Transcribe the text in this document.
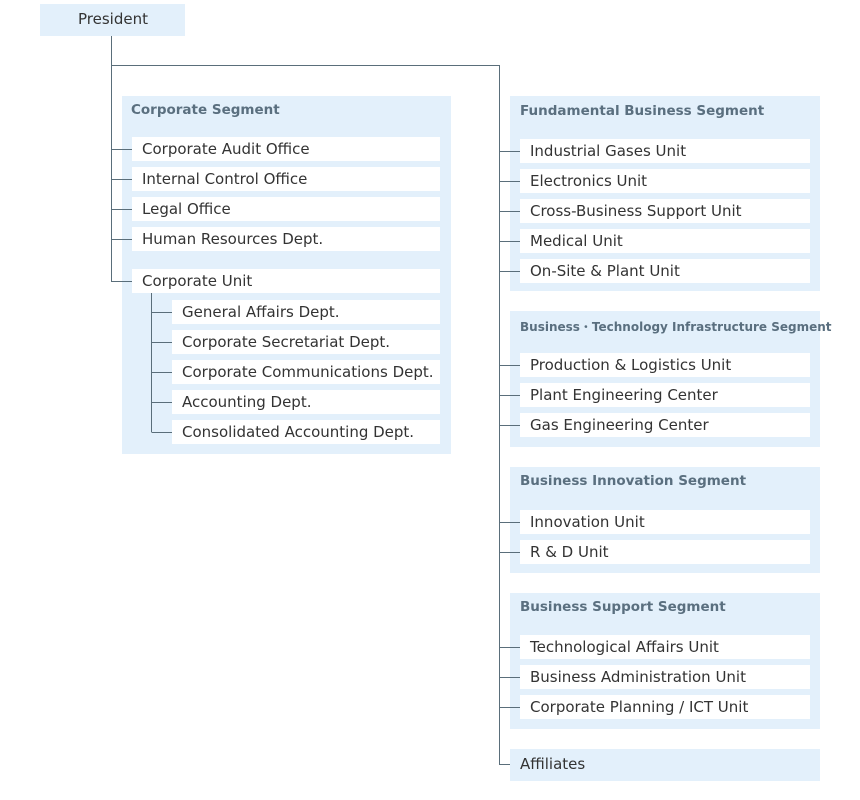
President
Corporate Segment
Corporate Audit Office
Internal Control Office
Legal Office
Human Resources Dept.
Corporate Unit
General Affairs Dept.
Corporate Secretariat Dept.
Corporate Communications Dept.
Accounting Dept.
Consolidated Accounting Dept.
Fundamental Business Segment
Industrial Gases Unit
Electronics Unit
Cross-Business Support Unit
Medical Unit
On-Site & Plant Unit
Business・Technology Infrastructure Segment
Production & Logistics Unit
Plant Engineering Center
Gas Engineering Center
Business Innovation Segment
Innovation Unit
R & D Unit
Business Support Segment
Technological Affairs Unit
Business Administration Unit
Corporate Planning / ICT Unit
Affiliates
